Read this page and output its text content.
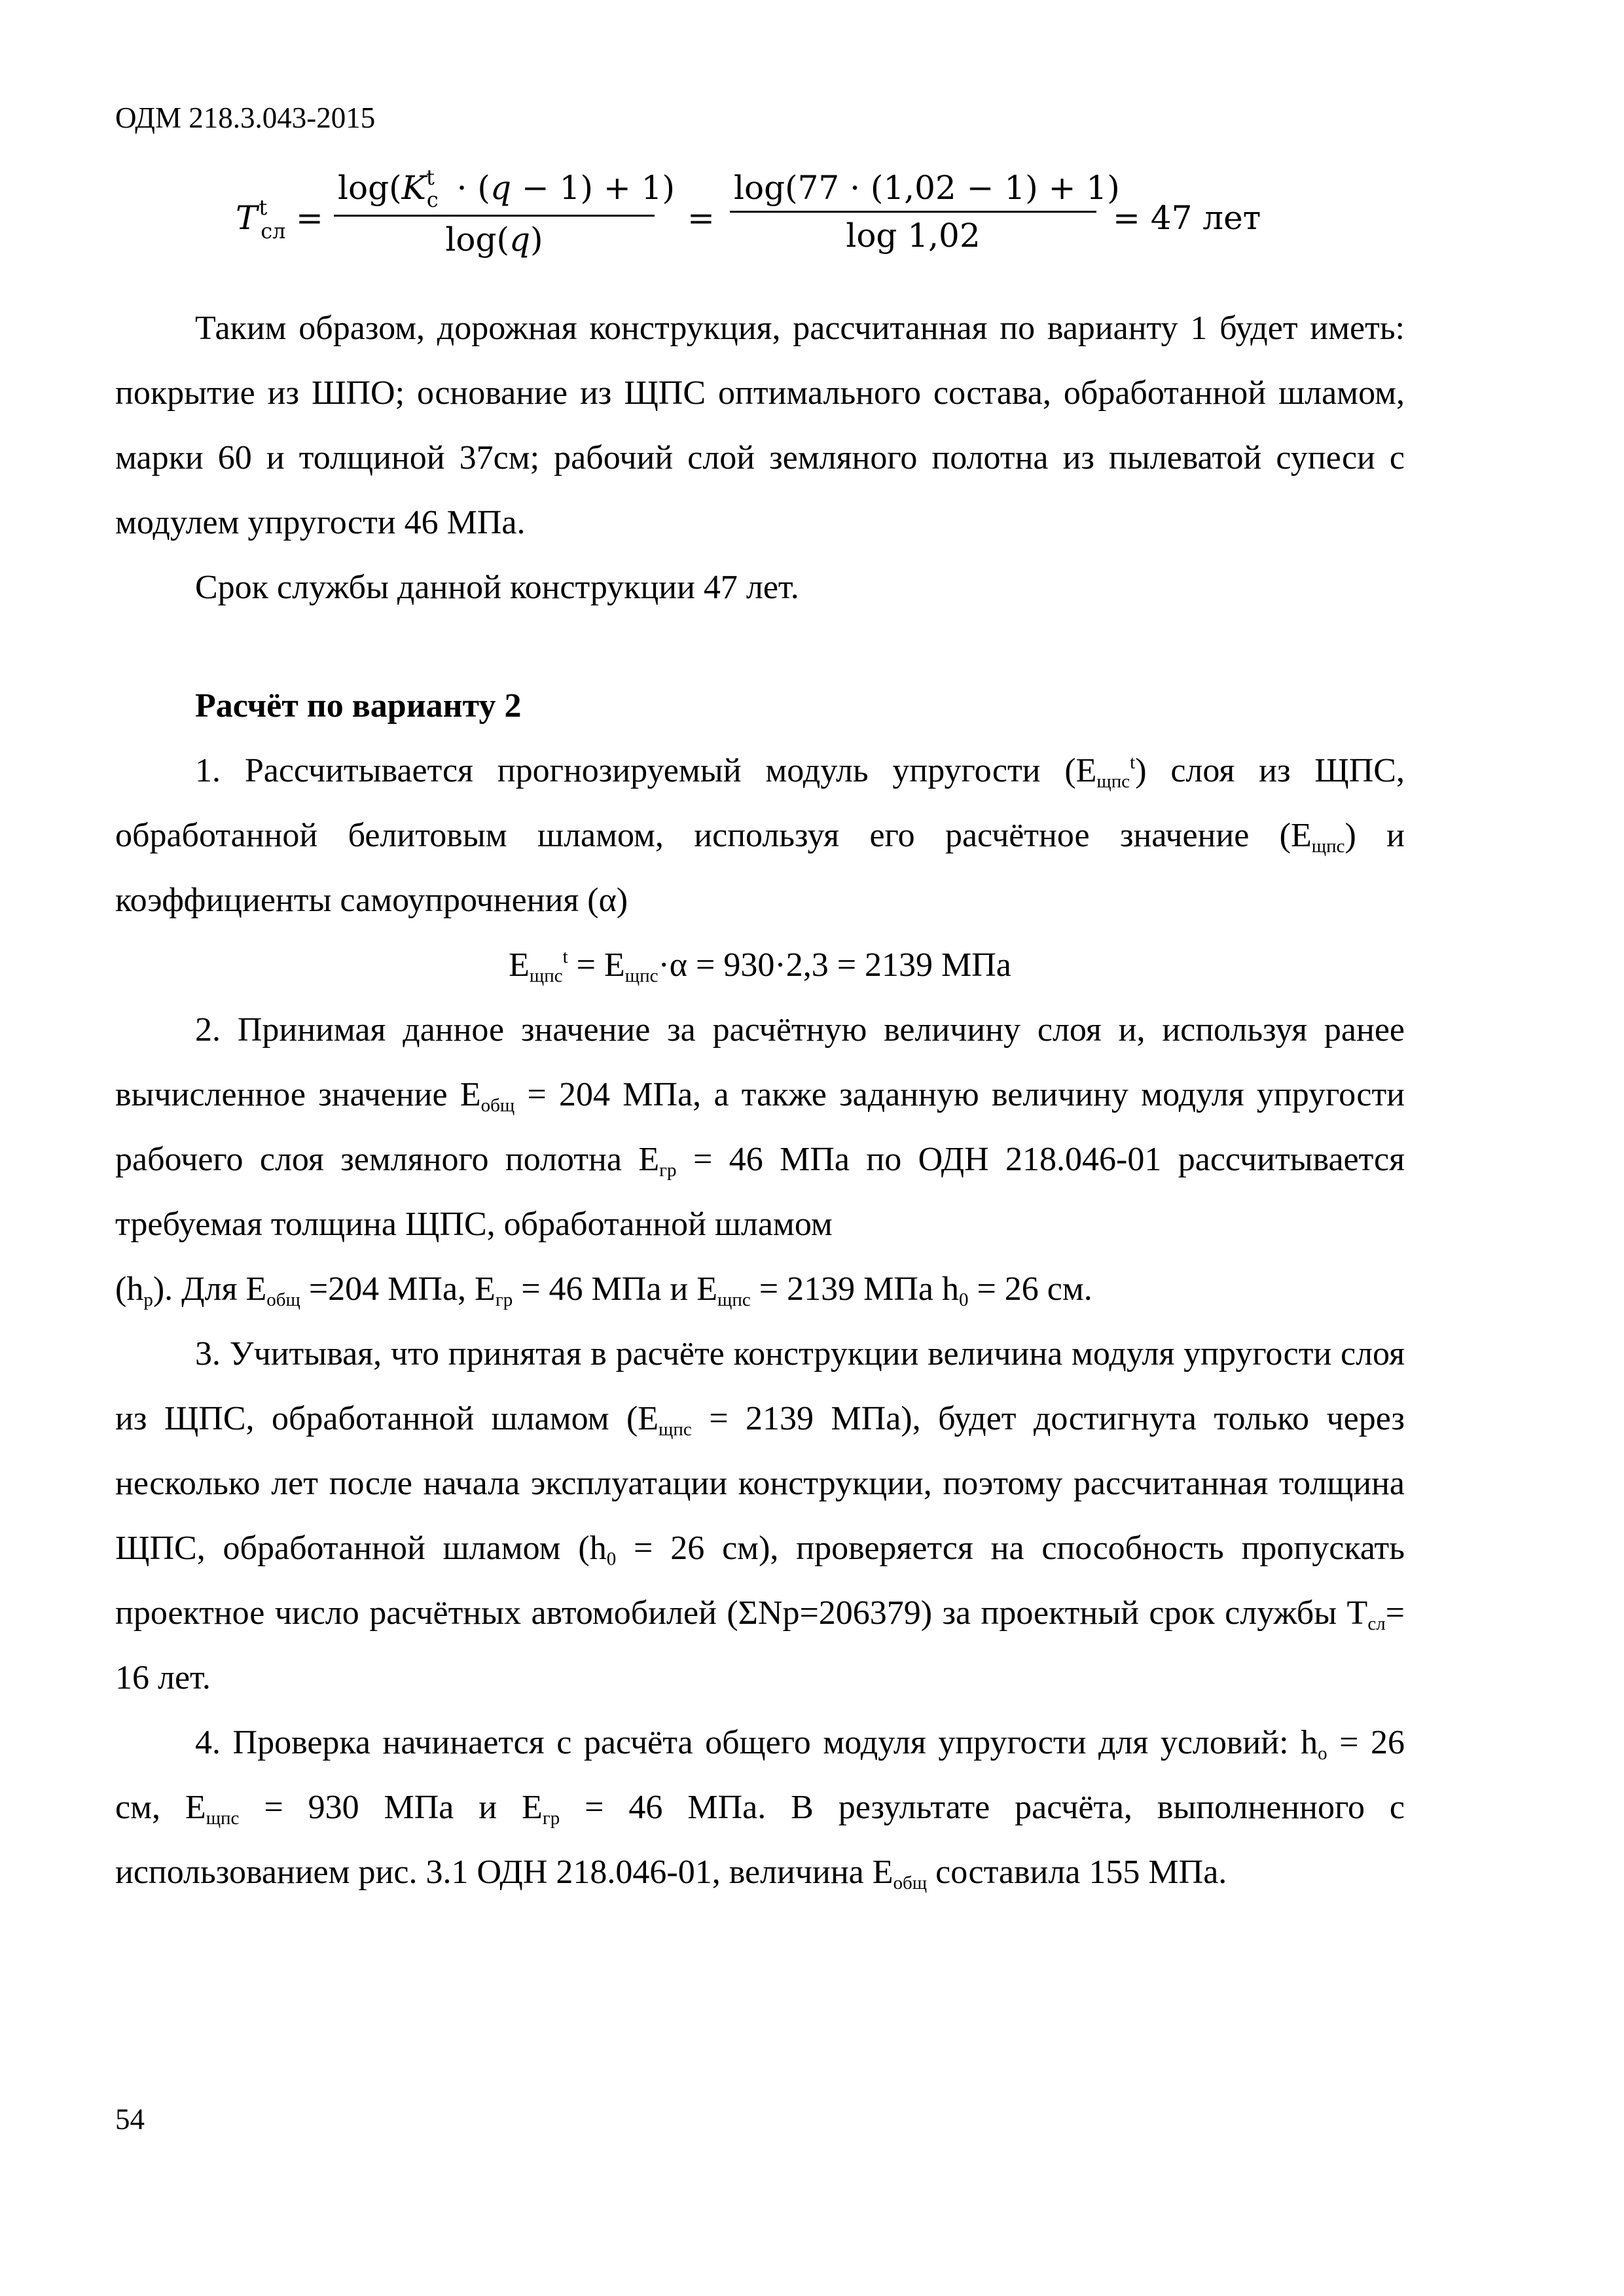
ОДМ 218.3.043-2015
Ttсл =
log(Ktc · (q − 1) + 1)
log(q)
=
log(77 · (1,02 − 1) + 1)
log 1,02	= 47 лет

Таким образом, дорожная конструкция, рассчитанная по варианту 1 будет иметь: покрытие из ШПО; основание из ЩПС оптимального состава, обработанной шламом, марки 60 и толщиной 37см; рабочий слой земляного полотна из пылеватой супеси с модулем упругости 46 МПа.

Срок службы данной конструкции 47 лет.

Расчёт по варианту 2

1. Рассчитывается прогнозируемый модуль упругости $(Е_{щпс}^t)$ слоя из ЩПС, обработанной белитовым шламом, используя его расчётное значение $(Е_{щпс})$ и коэффициенты самоупрочнения (α)

$Е_{щпс}^t = Е_{щпс}\cdot\alpha = 930\cdot 2,3 = 2139$ МПа

2. Принимая данное значение за расчётную величину слоя и, используя ранее вычисленное значение $Е_{общ} = 204$ МПа, а также заданную величину модуля упругости рабочего слоя земляного полотна $Е_{гр} = 46$ МПа по ОДН 218.046-01 рассчитывается требуемая толщина ЩПС, обработанной шламом
$(h_р)$. Для $Е_{общ} =204$ МПа, $Е_{гр} = 46$ МПа и $Е_{щпс} = 2139$ МПа $h_0 = 26$ см.

3. Учитывая, что принятая в расчёте конструкции величина модуля упругости слоя из ЩПС, обработанной шламом ($Е_{щпс} = 2139$ МПа), будет достигнута только через несколько лет после начала эксплуатации конструкции, поэтому рассчитанная толщина ЩПС, обработанной шламом ($h_0 = 26$ см), проверяется на способность пропускать проектное число расчётных автомобилей (ΣNр=206379) за проектный срок службы $Т_{сл}= 16$ лет.

4. Проверка начинается с расчёта общего модуля упругости для условий: $h_о = 26$ см, $Е_{щпс} = 930$ МПа и $Е_{гр} = 46$ МПа. В результате расчёта, выполненного с использованием рис. 3.1 ОДН 218.046-01, величина $Е_{общ}$ составила 155 МПа.

54
